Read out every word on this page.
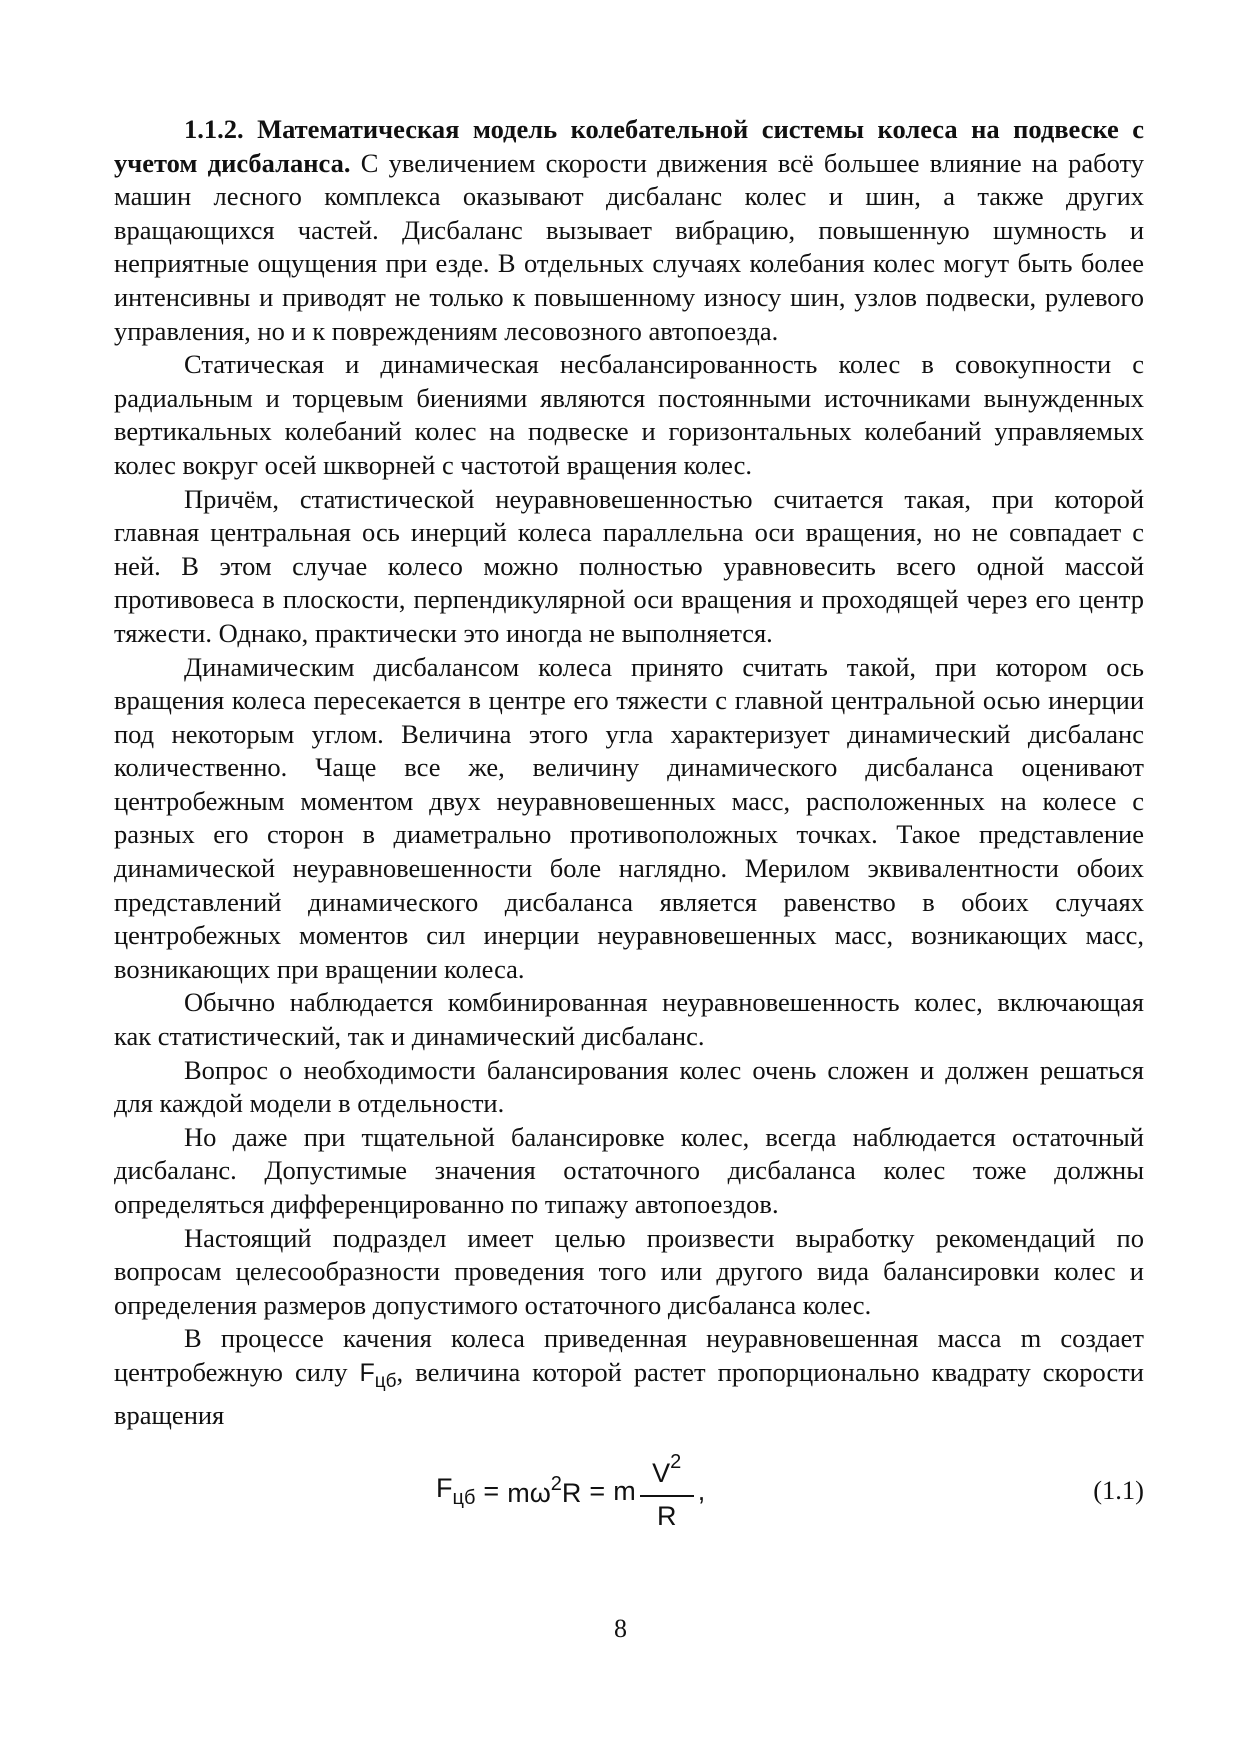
1.1.2. Математическая модель колебательной системы колеса на подвеске с учетом дисбаланса. С увеличением скорости движения всё большее влияние на работу машин лесного комплекса оказывают дисбаланс колес и шин, а также других вращающихся частей. Дисбаланс вызывает вибрацию, повышенную шумность и неприятные ощущения при езде. В отдельных случаях колебания колес могут быть более интенсивны и приводят не только к повышенному износу шин, узлов подвески, рулевого управления, но и к повреждениям лесовозного автопоезда.

Статическая и динамическая несбалансированность колес в совокупности с радиальным и торцевым биениями являются постоянными источниками вынужденных вертикальных колебаний колес на подвеске и горизонтальных колебаний управляемых колес вокруг осей шкворней с частотой вращения колес.

Причём, статистической неуравновешенностью считается такая, при которой главная центральная ось инерций колеса параллельна оси вращения, но не совпадает с ней. В этом случае колесо можно полностью уравновесить всего одной массой противовеса в плоскости, перпендикулярной оси вращения и проходящей через его центр тяжести. Однако, практически это иногда не выполняется.

Динамическим дисбалансом колеса принято считать такой, при котором ось вращения колеса пересекается в центре его тяжести с главной центральной осью инерции под некоторым углом. Величина этого угла характеризует динамический дисбаланс количественно. Чаще все же, величину динамического дисбаланса оценивают центробежным моментом двух неуравновешенных масс, расположенных на колесе с разных его сторон в диаметрально противоположных точках. Такое представление динамической неуравновешенности боле наглядно. Мерилом эквивалентности обоих представлений динамического дисбаланса является равенство в обоих случаях центробежных моментов сил инерции неуравновешенных масс, возникающих масс, возникающих при вращении колеса.

Обычно наблюдается комбинированная неуравновешенность колес, включающая как статистический, так и динамический дисбаланс.

Вопрос о необходимости балансирования колес очень сложен и должен решаться для каждой модели в отдельности.

Но даже при тщательной балансировке колес, всегда наблюдается остаточный дисбаланс. Допустимые значения остаточного дисбаланса колес тоже должны определяться дифференцированно по типажу автопоездов.

Настоящий подраздел имеет целью произвести выработку рекомендаций по вопросам целесообразности проведения того или другого вида балансировки колес и определения размеров допустимого остаточного дисбаланса колес.

В процессе качения колеса приведенная неуравновешенная масса m создает центробежную силу $F_{цб}$, величина которой растет пропорционально квадрату скорости вращения

$F_{цб} = m\omega^2R = m \frac{V^2}{R}$ ,	(1.1)
8
